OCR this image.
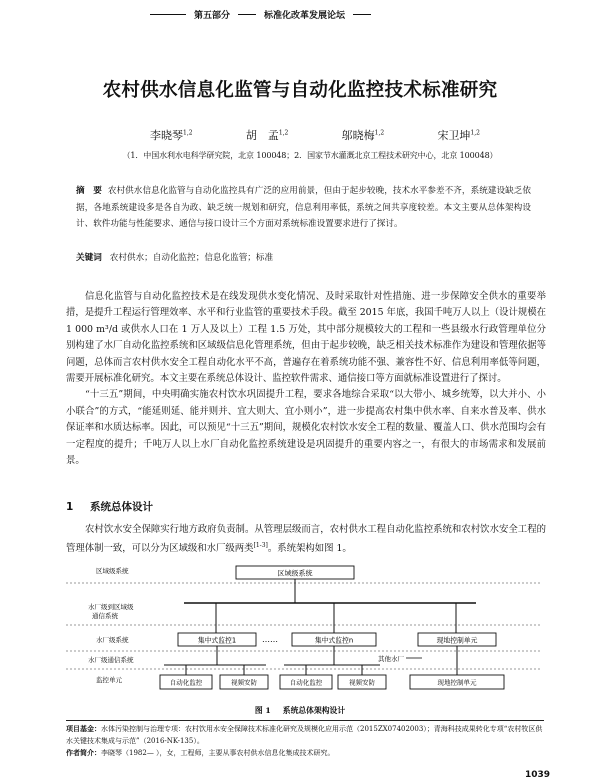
第五部分	标准化改革发展论坛
农村供水信息化监管与自动化监控技术标准研究
李晓琴$^{1,2}$	胡　孟$^{1,2}$	邬晓梅$^{1,2}$	宋卫坤$^{1,2}$
（1．中国水利水电科学研究院，北京 100048；2．国家节水灌溉北京工程技术研究中心，北京 100048）
摘　要 农村供水信息化监管与自动化监控具有广泛的应用前景，但由于起步较晚，技术水平参差不齐，系统建设缺乏依据，各地系统建设多是各自为政、缺乏统一规划和研究，信息利用率低，系统之间共享度较差。本文主要从总体架构设计、软件功能与性能要求、通信与接口设计三个方面对系统标准设置要求进行了探讨。
关键词 农村供水；自动化监控；信息化监管；标准

信息化监管与自动化监控技术是在线发现供水变化情况、及时采取针对性措施、进一步保障安全供水的重要举措，是提升工程运行管理效率、水平和行业监管的重要技术手段。截至 2015 年底，我国千吨万人以上（设计规模在 1 000 m³/d 或供水人口在 1 万人及以上）工程 1.5 万处，其中部分规模较大的工程和一些县级水行政管理单位分别构建了水厂自动化监控系统和区域级信息化管理系统，但由于起步较晚，缺乏相关技术标准作为建设和管理依据等问题，总体而言农村供水安全工程自动化水平不高，普遍存在着系统功能不强、兼容性不好、信息利用率低等问题，需要开展标准化研究。本文主要在系统总体设计、监控软件需求、通信接口等方面就标准设置进行了探讨。

“十三五”期间，中央明确实施农村饮水巩固提升工程，要求各地综合采取“以大带小、城乡统筹，以大并小、小小联合”的方式，“能延则延、能并则并、宜大则大、宜小则小”，进一步提高农村集中供水率、自来水普及率、供水保证率和水质达标率。因此，可以预见“十三五”期间，规模化农村饮水安全工程的数量、覆盖人口、供水范围均会有一定程度的提升；千吨万人以上水厂自动化监控系统建设是巩固提升的重要内容之一，有很大的市场需求和发展前景。

1 系统总体设计

农村饮水安全保障实行地方政府负责制。从管理层级而言，农村供水工程自动化监控系统和农村饮水安全工程的管理体制一致，可以分为区域级和水厂级两类[1-3]。系统架构如图 1。

区域级系统
水厂级到区域级通信系统
水厂级系统
水厂级通信系统
监控单元
区域级系统
集中式监控1	集中式监控n	现地控制单元
……
其他水厂
自动化监控	视频安防	自动化监控	视频安防	现地控制单元
图 1 系统总体架构设计

项目基金：水体污染控制与治理专项：农村饮用水安全保障技术标准化研究及规模化应用示范（2015ZX07402003）；青海科技成果转化专项“农村牧区供水关键技术集成与示范”（2016-NK-135）。

作者简介：李晓琴（1982— ），女，工程师，主要从事农村供水信息化集成技术研究。

1039
